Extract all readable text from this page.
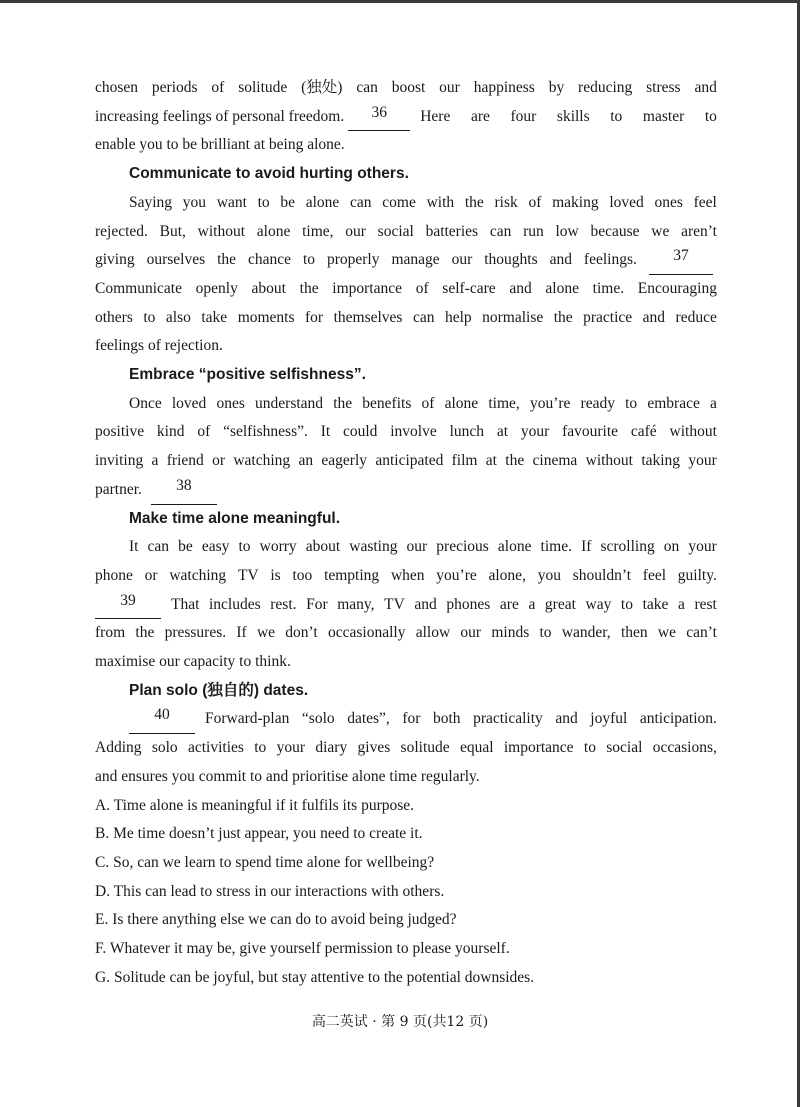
chosen periods of solitude (独处) can boost our happiness by reducing stress and
increasing feelings of personal freedom.	36	Here are four skills to master to
enable you to be brilliant at being alone.
Communicate to avoid hurting others.
Saying you want to be alone can come with the risk of making loved ones feel
rejected. But, without alone time, our social batteries can run low because we aren’t
giving ourselves the chance to properly manage our thoughts and feelings.	37
Communicate openly about the importance of self-care and alone time. Encouraging
others to also take moments for themselves can help normalise the practice and reduce
feelings of rejection.
Embrace “positive selfishness”.
Once loved ones understand the benefits of alone time, you’re ready to embrace a
positive kind of “selfishness”. It could involve lunch at your favourite café without
inviting a friend or watching an eagerly anticipated film at the cinema without taking your
partner.	38
Make time alone meaningful.
It can be easy to worry about wasting our precious alone time. If scrolling on your
phone or watching TV is too tempting when you’re alone, you shouldn’t feel guilty.
39	That includes rest. For many, TV and phones are a great way to take a rest
from the pressures. If we don’t occasionally allow our minds to wander, then we can’t
maximise our capacity to think.
Plan solo (独自的) dates.
40	Forward-plan “solo dates”, for both practicality and joyful anticipation.
Adding solo activities to your diary gives solitude equal importance to social occasions,
and ensures you commit to and prioritise alone time regularly.
A. Time alone is meaningful if it fulfils its purpose.
B. Me time doesn’t just appear, you need to create it.
C. So, can we learn to spend time alone for wellbeing?
D. This can lead to stress in our interactions with others.
E. Is there anything else we can do to avoid being judged?
F. Whatever it may be, give yourself permission to please yourself.
G. Solitude can be joyful, but stay attentive to the potential downsides.
高二英试 · 第 9 页(共12 页)
